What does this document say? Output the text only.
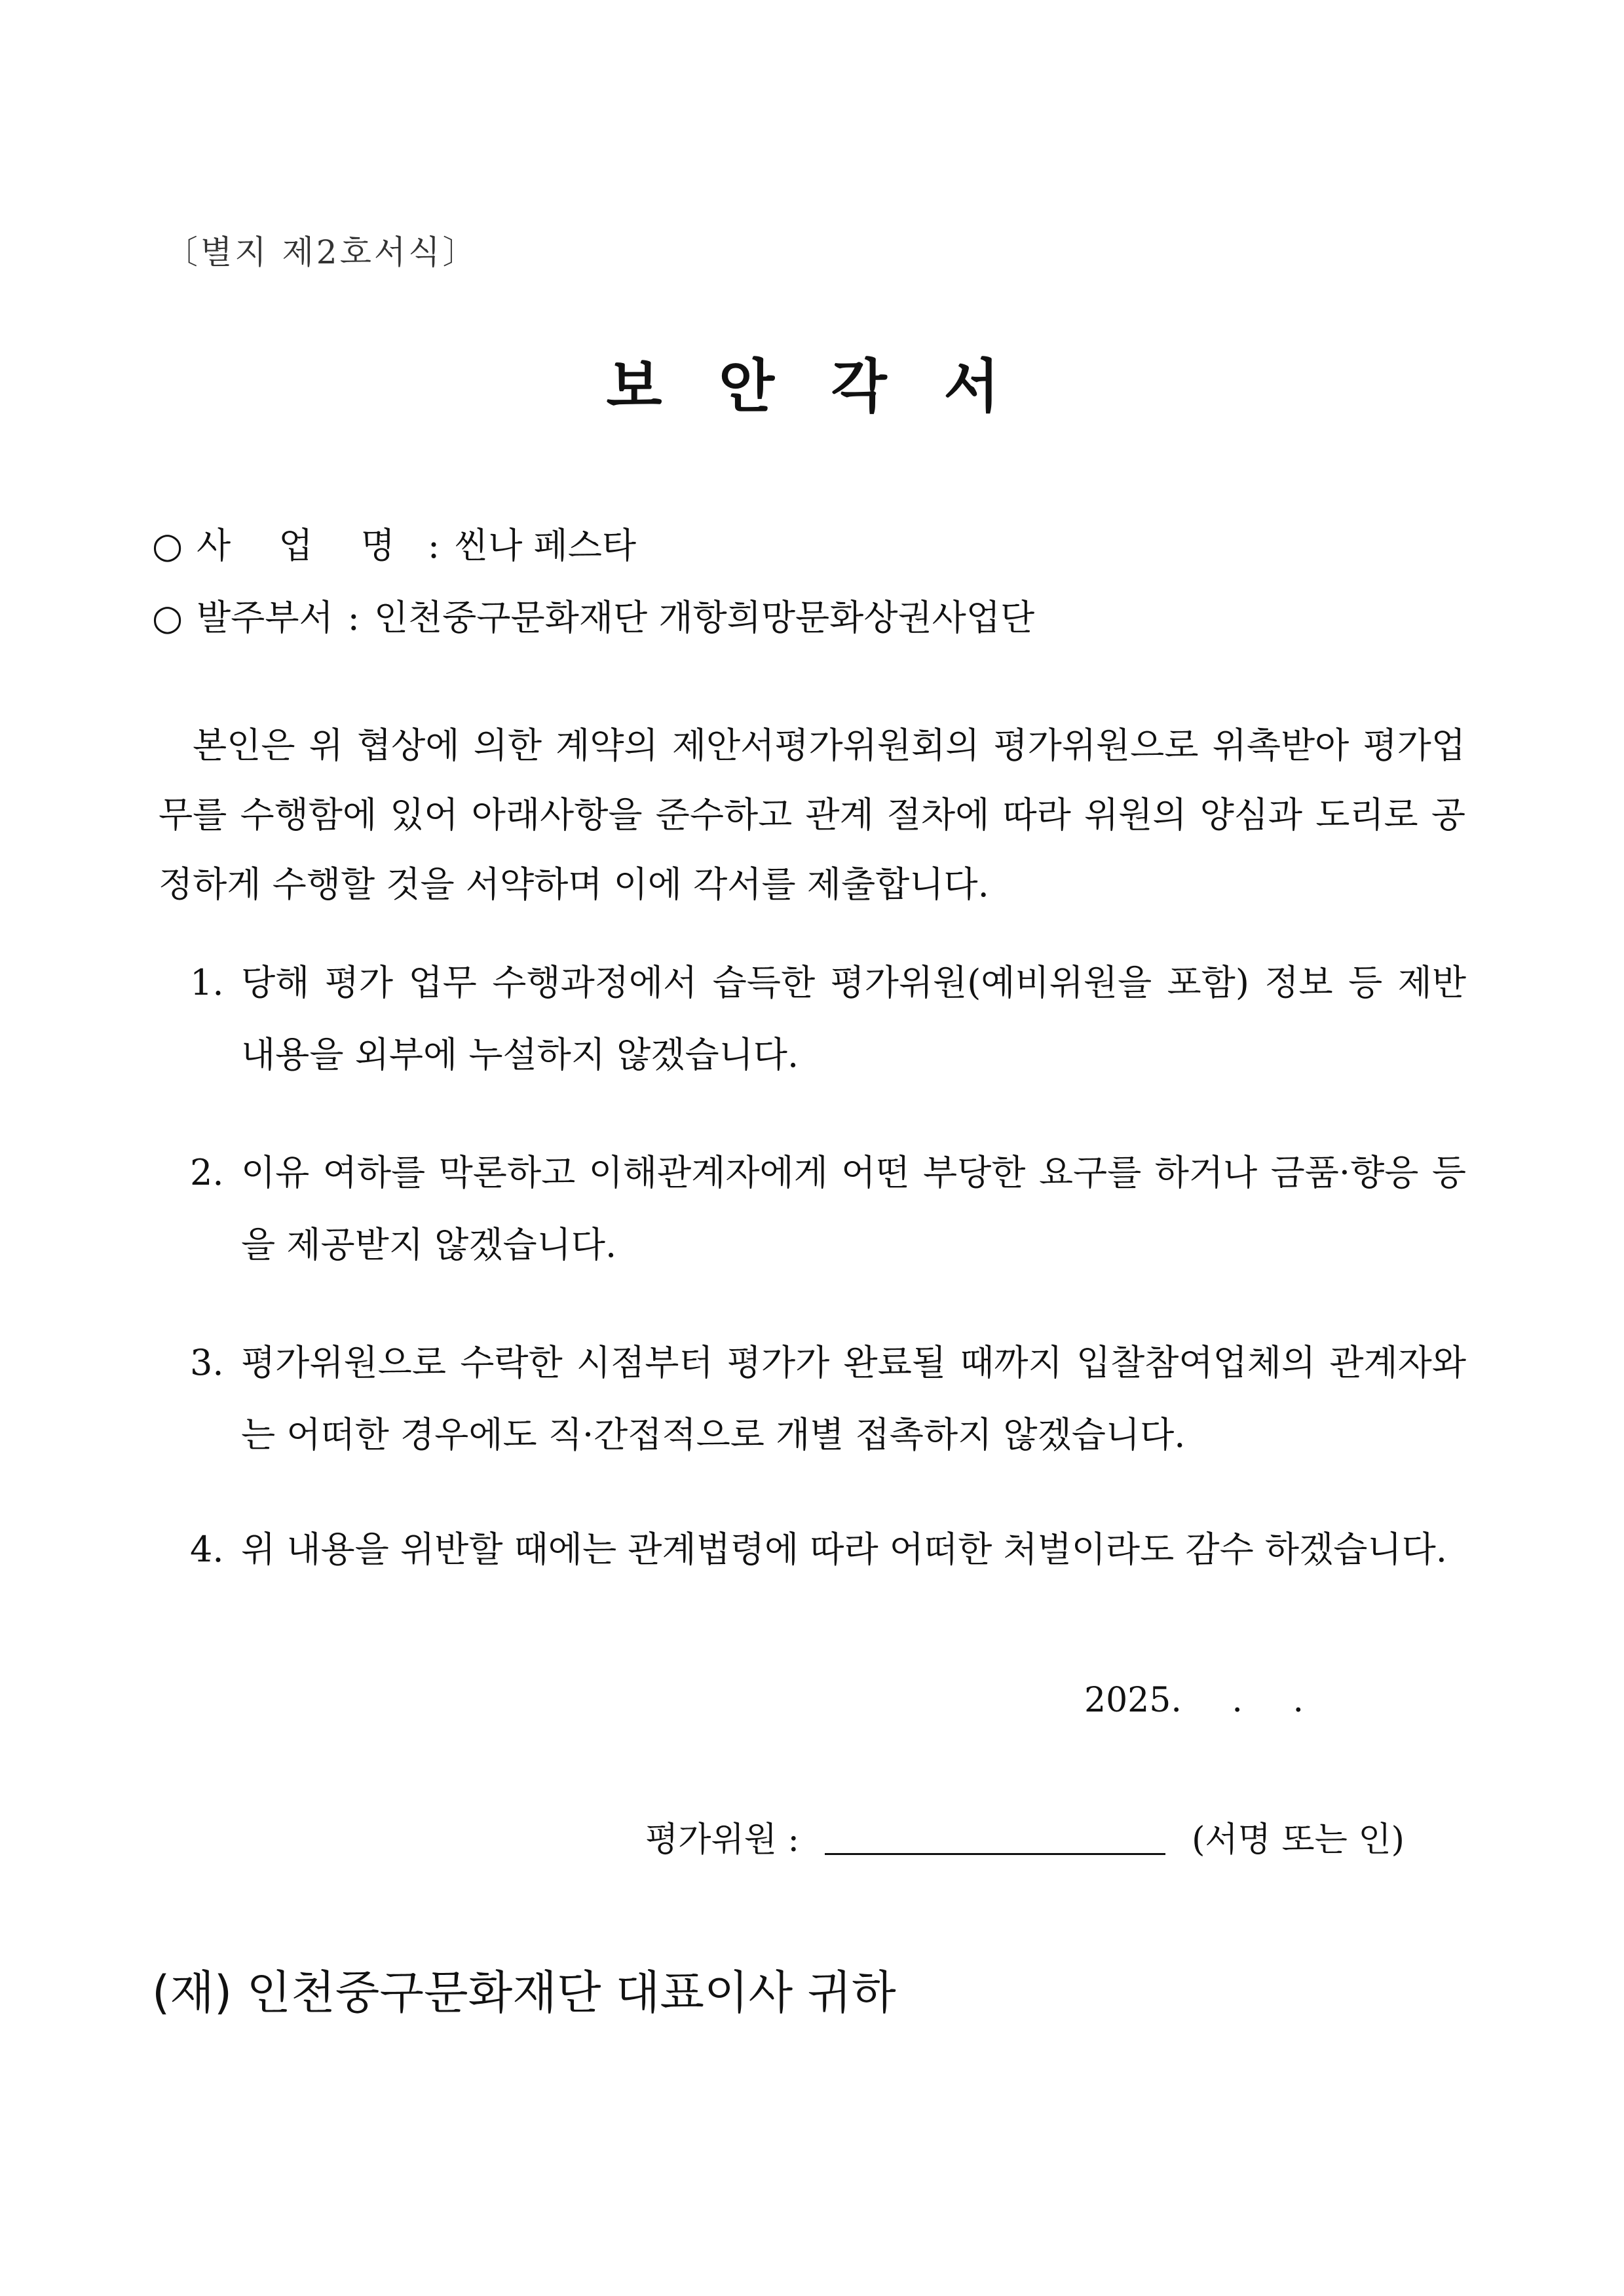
〔별지 제2호서식〕
보 안 각 서
○ 사 업 명 : 씬나 페스타
○ 발주부서 : 인천중구문화재단 개항희망문화상권사업단
본인은 위 협상에 의한 계약의 제안서평가위원회의 평가위원으로 위촉받아 평가업무를 수행함에 있어 아래사항을 준수하고 관계 절차에 따라 위원의 양심과 도리로 공정하게 수행할 것을 서약하며 이에 각서를 제출합니다.
1. 당해 평가 업무 수행과정에서 습득한 평가위원(예비위원을 포함) 정보 등 제반 내용을 외부에 누설하지 않겠습니다.
2. 이유 여하를 막론하고 이해관계자에게 어떤 부당한 요구를 하거나 금품·향응 등을 제공받지 않겠습니다.
3. 평가위원으로 수락한 시점부터 평가가 완료될 때까지 입찰참여업체의 관계자와는 어떠한 경우에도 직·간접적으로 개별 접촉하지 않겠습니다.
4. 위 내용을 위반할 때에는 관계법령에 따라 어떠한 처벌이라도 감수 하겠습니다.
2025. . .
평가위원 :	(서명 또는 인)
(재) 인천중구문화재단 대표이사 귀하
